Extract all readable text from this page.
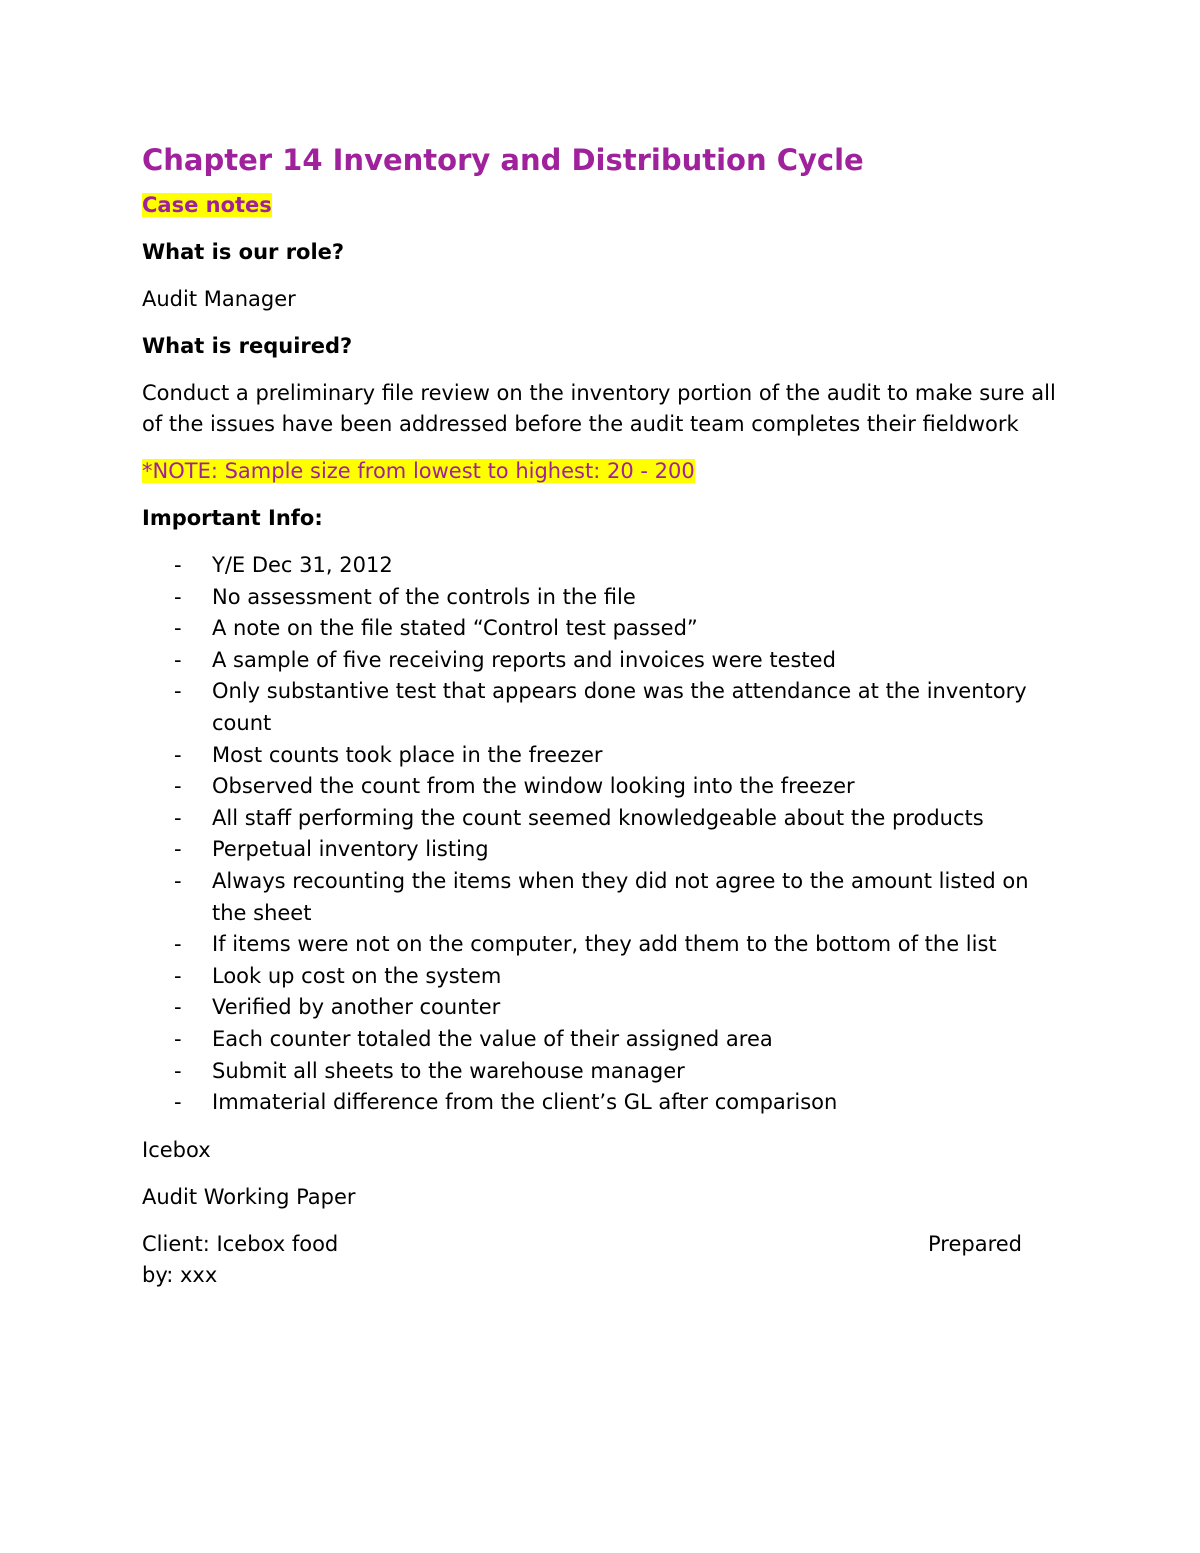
Chapter 14 Inventory and Distribution Cycle
Case notes
What is our role?
Audit Manager
What is required?
Conduct a preliminary file review on the inventory portion of the audit to make sure all of the issues have been addressed before the audit team completes their fieldwork
*NOTE: Sample size from lowest to highest: 20 - 200
Important Info:
- Y/E Dec 31, 2012
- No assessment of the controls in the file
- A note on the file stated “Control test passed”
- A sample of five receiving reports and invoices were tested
- Only substantive test that appears done was the attendance at the inventory count
- Most counts took place in the freezer
- Observed the count from the window looking into the freezer
- All staff performing the count seemed knowledgeable about the products
- Perpetual inventory listing
- Always recounting the items when they did not agree to the amount listed on the sheet
- If items were not on the computer, they add them to the bottom of the list
- Look up cost on the system
- Verified by another counter
- Each counter totaled the value of their assigned area
- Submit all sheets to the warehouse manager
- Immaterial difference from the client’s GL after comparison
Icebox
Audit Working Paper
Client: Icebox food	Prepared
by: xxx
